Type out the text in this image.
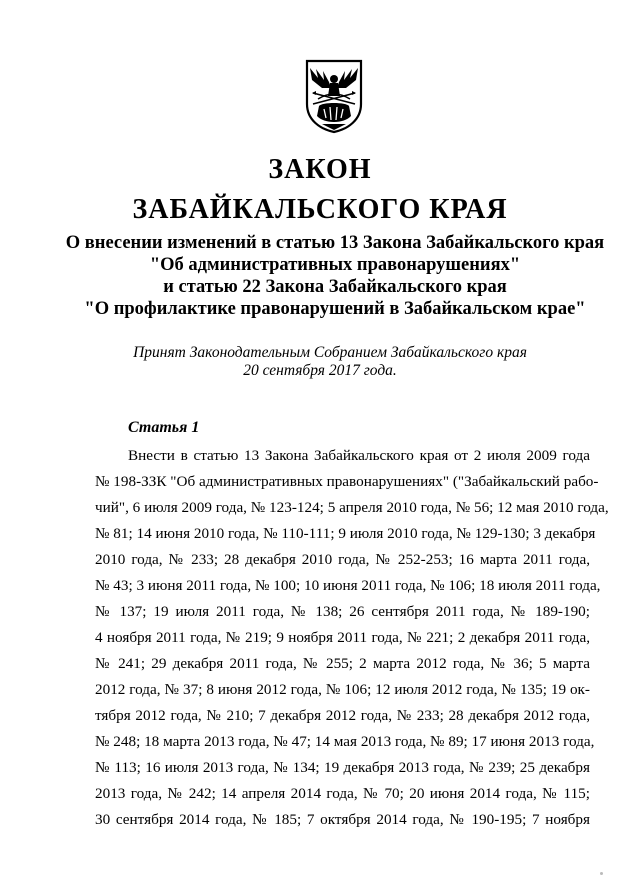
ЗАКОН
ЗАБАЙКАЛЬСКОГО КРАЯ
О внесении изменений в статью 13 Закона Забайкальского края
"Об административных правонарушениях"
и статью 22 Закона Забайкальского края
"О профилактике правонарушений в Забайкальском крае"
Принят Законодательным Собранием Забайкальского края
20 сентября 2017 года.
Статья 1
Внести в статью 13 Закона Забайкальского края от 2 июля 2009 года
№ 198-ЗЗК "Об административных правонарушениях" ("Забайкальский рабо-
чий", 6 июля 2009 года, № 123-124; 5 апреля 2010 года, № 56; 12 мая 2010 года,
№ 81; 14 июня 2010 года, № 110-111; 9 июля 2010 года, № 129-130; 3 декабря
2010 года, № 233; 28 декабря 2010 года, № 252-253; 16 марта 2011 года,
№ 43; 3 июня 2011 года, № 100; 10 июня 2011 года, № 106; 18 июля 2011 года,
№ 137; 19 июля 2011 года, № 138; 26 сентября 2011 года, № 189-190;
4 ноября 2011 года, № 219; 9 ноября 2011 года, № 221; 2 декабря 2011 года,
№ 241; 29 декабря 2011 года, № 255; 2 марта 2012 года, № 36; 5 марта
2012 года, № 37; 8 июня 2012 года, № 106; 12 июля 2012 года, № 135; 19 ок-
тября 2012 года, № 210; 7 декабря 2012 года, № 233; 28 декабря 2012 года,
№ 248; 18 марта 2013 года, № 47; 14 мая 2013 года, № 89; 17 июня 2013 года,
№ 113; 16 июля 2013 года, № 134; 19 декабря 2013 года, № 239; 25 декабря
2013 года, № 242; 14 апреля 2014 года, № 70; 20 июня 2014 года, № 115;
30 сентября 2014 года, № 185; 7 октября 2014 года, № 190-195; 7 ноября
